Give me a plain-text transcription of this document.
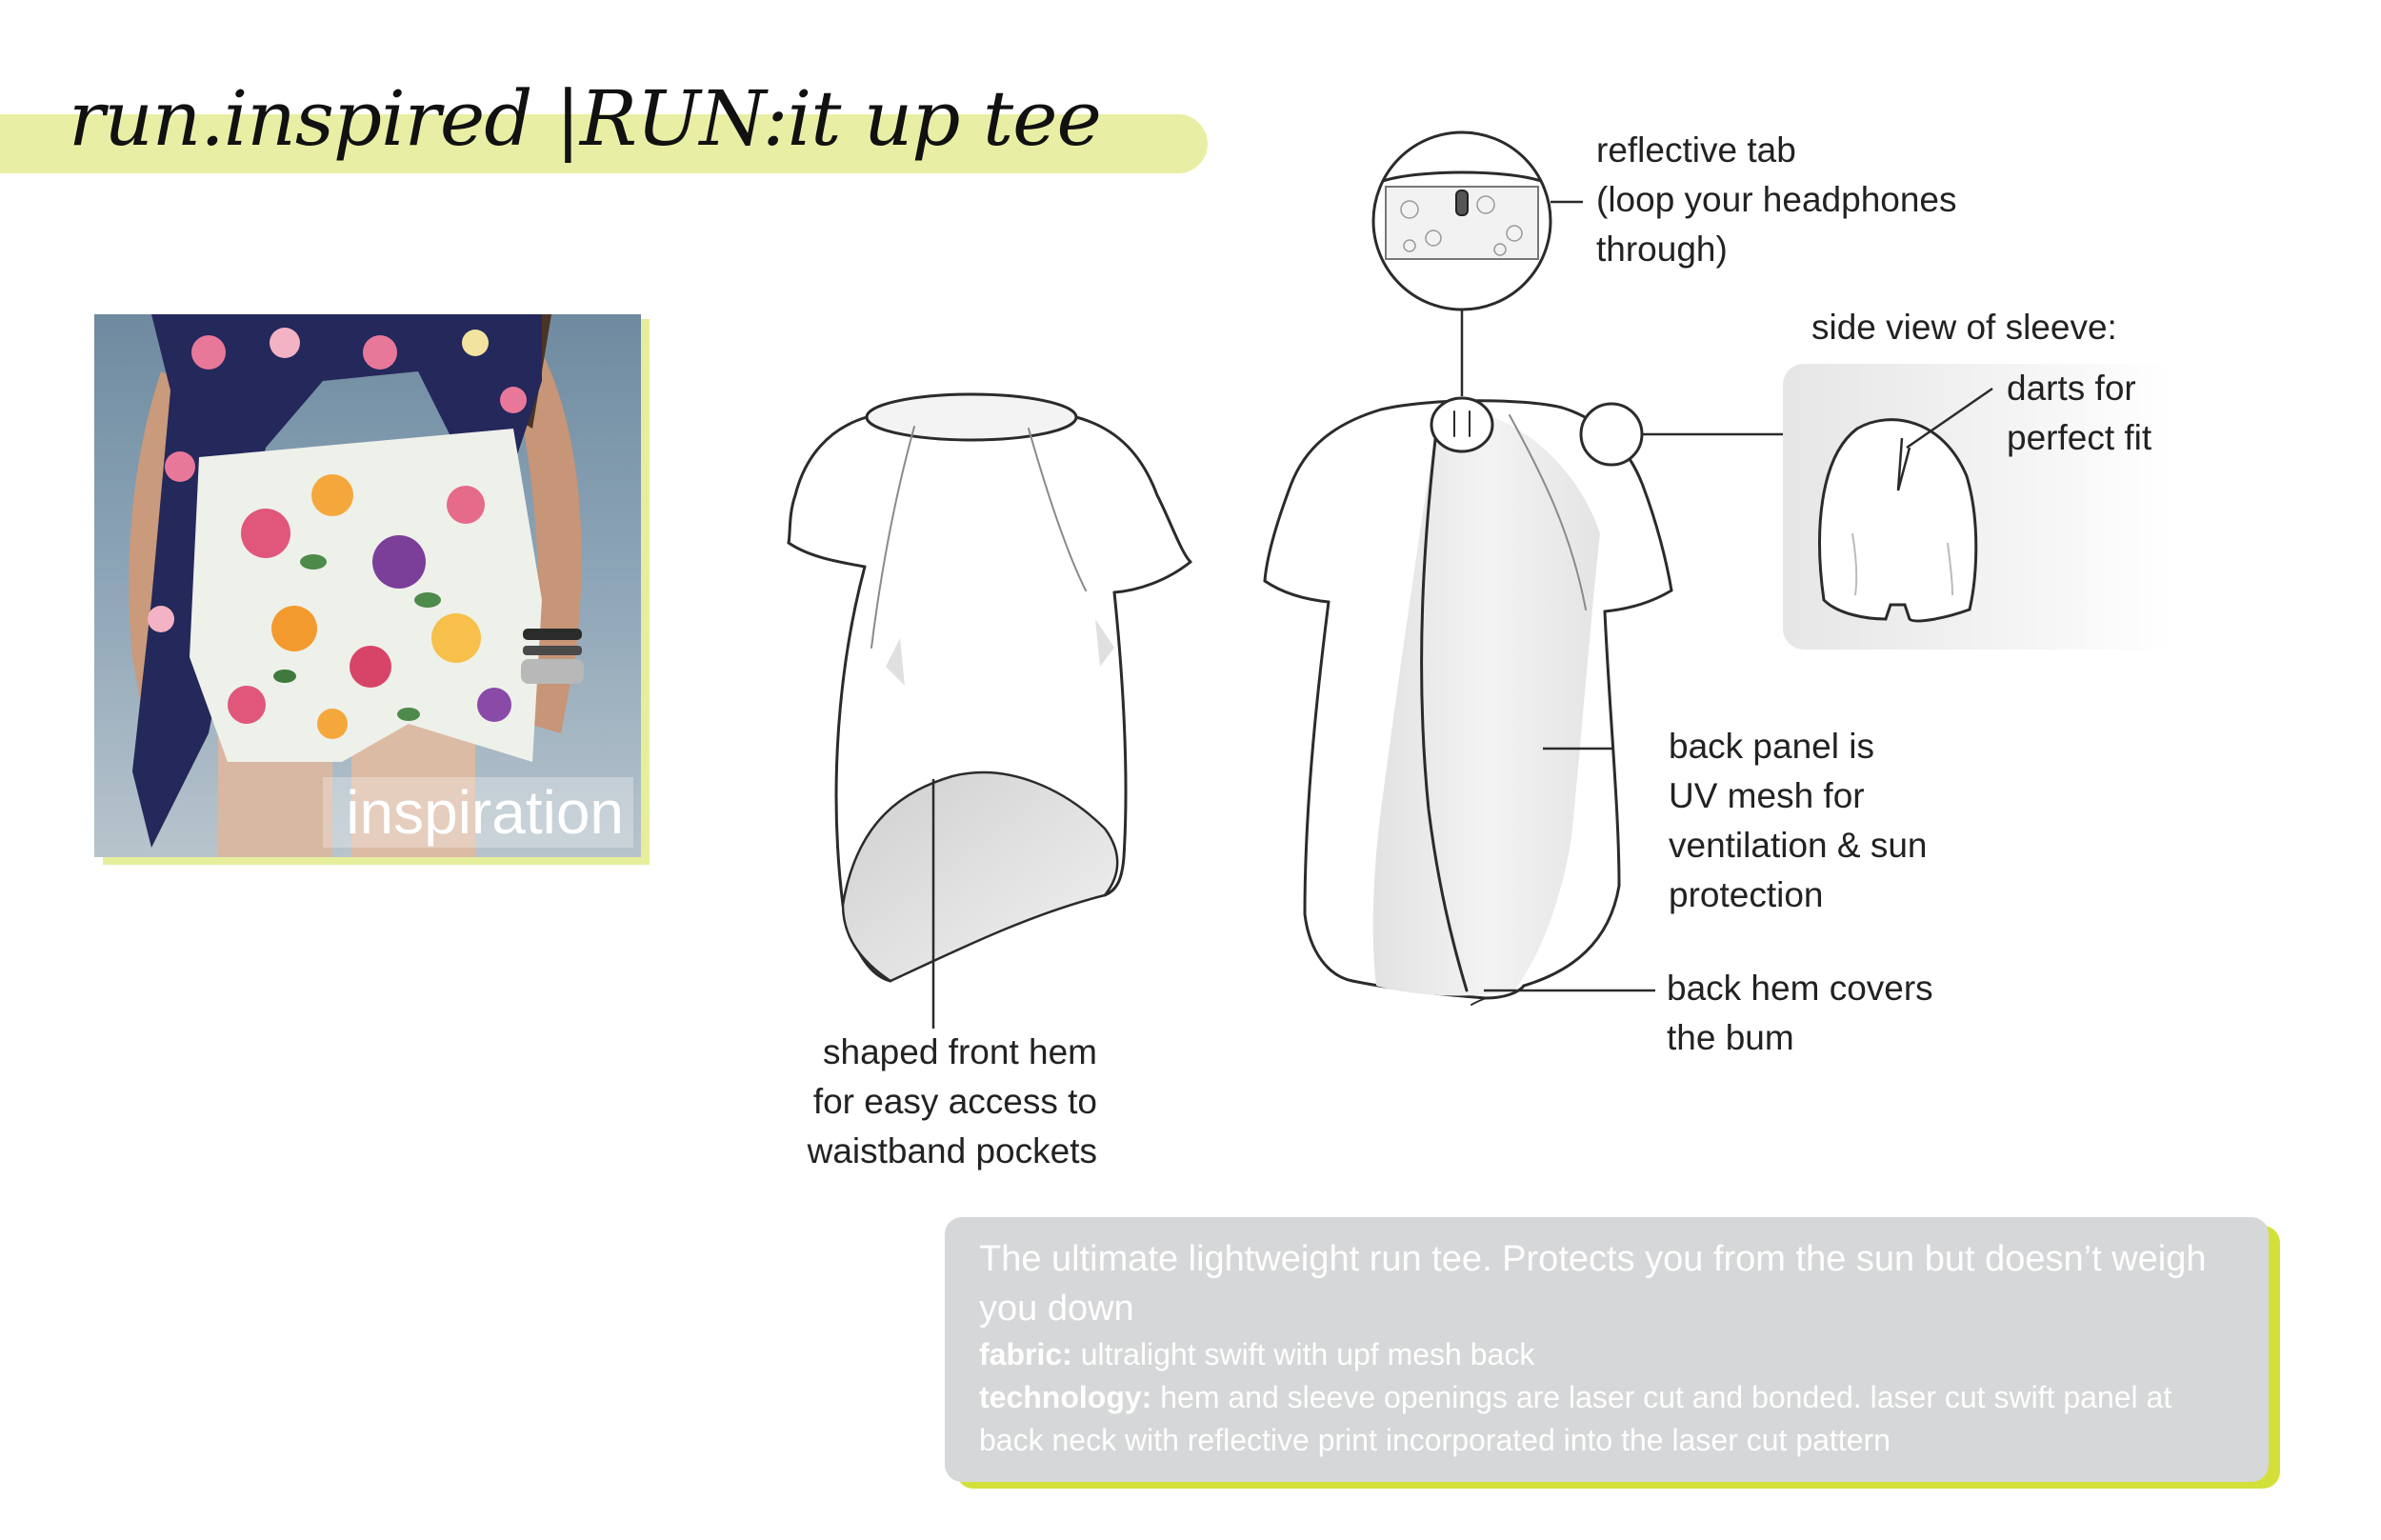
run.inspired |RUN:it up tee
inspiration

reflective tab
(loop your headphones
through)

side view of sleeve:

darts for
perfect fit

back panel is
UV mesh for
ventilation & sun
protection

back hem covers
the bum

shaped front hem
for easy access to
waistband pockets

The ultimate lightweight run tee. Protects you from the sun but doesn’t weigh you down

fabric: ultralight swift with upf mesh back

technology: hem and sleeve openings are laser cut and bonded. laser cut swift panel at back neck with reflective print incorporated into the laser cut pattern
